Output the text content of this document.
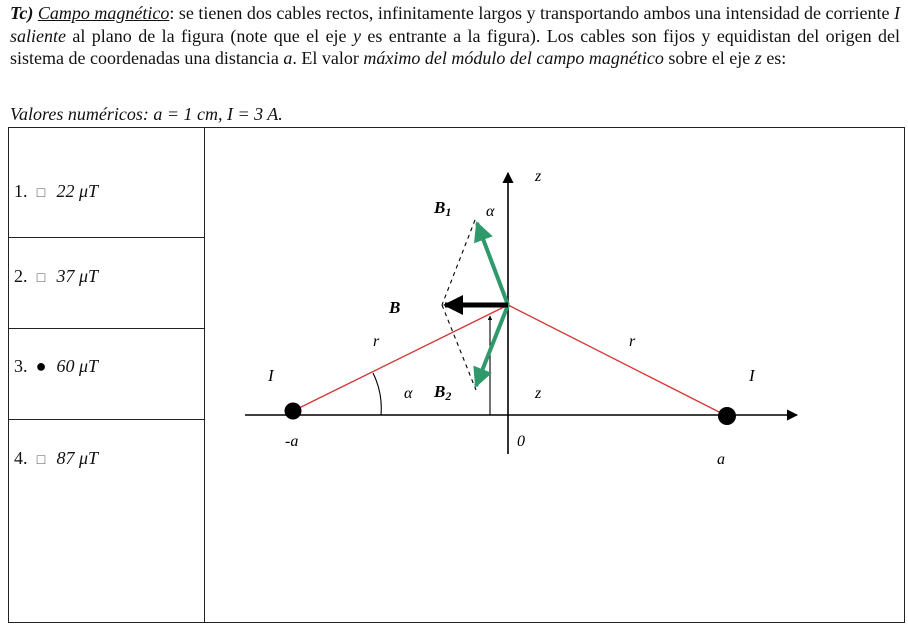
Tc) Campo magnético: se tienen dos cables rectos, infinitamente largos y transportando ambos una intensidad de corriente I saliente al plano de la figura (note que el eje y es entrante a la figura). Los cables son fijos y equidistan del origen del sistema de coordenadas una distancia a. El valor máximo del módulo del campo magnético sobre el eje z es:

Valores numéricos: a = 1 cm, I = 3 A.
1. □ 22 μT
2. □ 37 μT
3. ● 60 μT
4. □ 87 μT
z
B1 α
B
r	r
I	I
α B2	z
-a	0
a
